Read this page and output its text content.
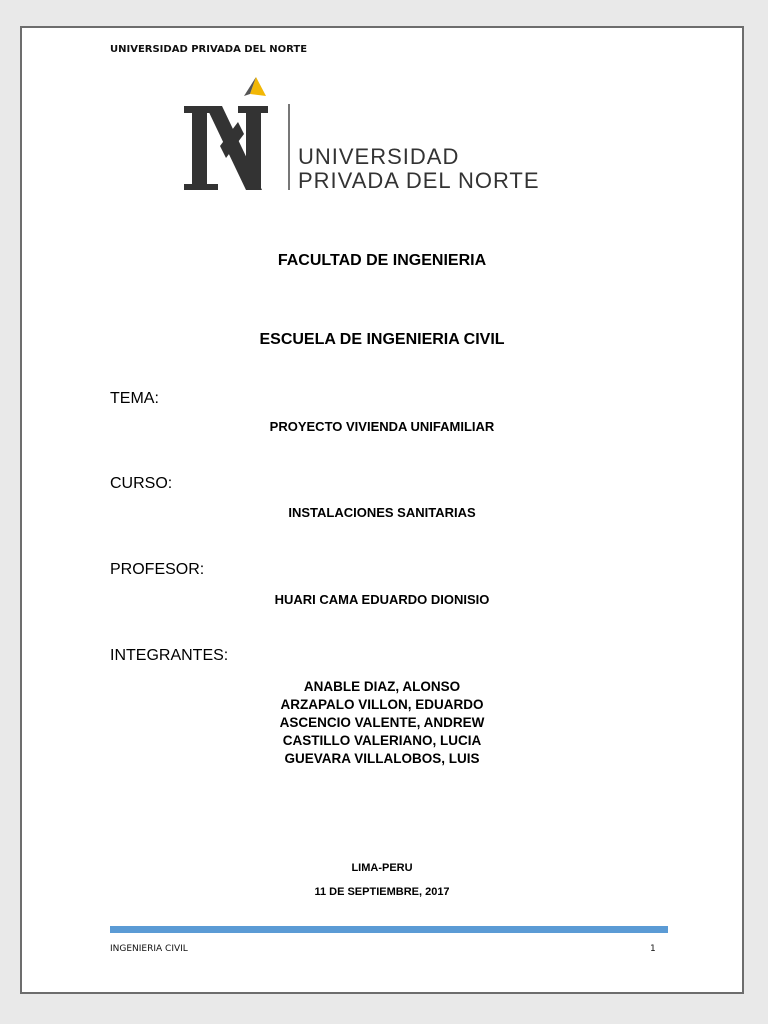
UNIVERSIDAD PRIVADA DEL NORTE
UNIVERSIDAD
PRIVADA DEL NORTE
FACULTAD DE INGENIERIA
ESCUELA DE INGENIERIA CIVIL
TEMA:
PROYECTO VIVIENDA UNIFAMILIAR
CURSO:
INSTALACIONES SANITARIAS
PROFESOR:
HUARI CAMA EDUARDO DIONISIO
INTEGRANTES:
ANABLE DIAZ, ALONSO
ARZAPALO VILLON, EDUARDO
ASCENCIO VALENTE, ANDREW
CASTILLO VALERIANO, LUCIA
GUEVARA VILLALOBOS, LUIS
LIMA-PERU
11 DE SEPTIEMBRE, 2017
INGENIERIA CIVIL	1
